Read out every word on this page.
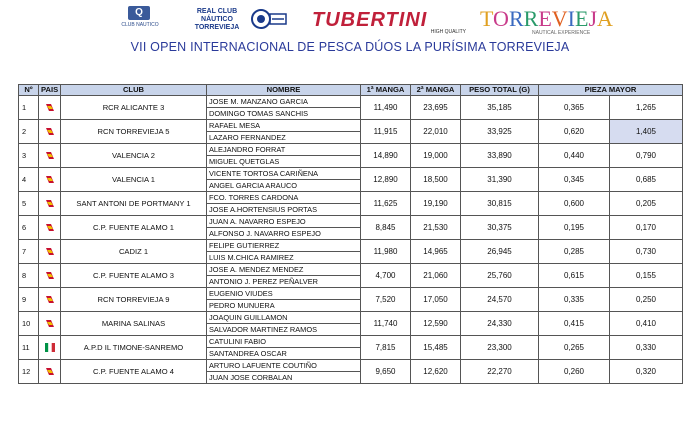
Q
CLUB NAUTICO
REAL CLUB
NÁUTICO
TORREVIEJA	TUBERTINI
HIGH QUALITY
TORREVIEJA
NAUTICAL EXPERIENCE
VII OPEN INTERNACIONAL DE PESCA DÚOS LA PURÍSIMA TORREVIEJA
Nº	PAIS	CLUB	NOMBRE	1ª MANGA	2ª MANGA	PESO TOTAL (G)	PIEZA MAYOR	
1		RCR ALICANTE 3	JOSE M. MANZANO GARCIA	11,490	23,695	35,185	0,365	1,265
			DOMINGO TOMAS SANCHIS					
2		RCN TORREVIEJA 5	RAFAEL MESA	11,915	22,010	33,925	0,620	1,405
			LAZARO FERNANDEZ					
3		VALENCIA 2	ALEJANDRO FORRAT	14,890	19,000	33,890	0,440	0,790
			MIGUEL QUETGLAS					
4		VALENCIA 1	VICENTE TORTOSA CARIÑENA	12,890	18,500	31,390	0,345	0,685
			ANGEL GARCIA ARAUCO					
5		SANT ANTONI DE PORTMANY 1	FCO. TORRES CARDONA	11,625	19,190	30,815	0,600	0,205
			JOSE A.HORTENSIUS PORTAS					
6		C.P. FUENTE ALAMO 1	JUAN A. NAVARRO ESPEJO	8,845	21,530	30,375	0,195	0,170
			ALFONSO J. NAVARRO ESPEJO					
7		CADIZ 1	FELIPE GUTIERREZ	11,980	14,965	26,945	0,285	0,730
			LUIS M.CHICA RAMIREZ					
8		C.P. FUENTE ALAMO 3	JOSE A. MENDEZ MENDEZ	4,700	21,060	25,760	0,615	0,155
			ANTONIO J. PEREZ PEÑALVER					
9		RCN TORREVIEJA 9	EUGENIO VIUDES	7,520	17,050	24,570	0,335	0,250
			PEDRO MUNUERA					
10		MARINA SALINAS	JOAQUIN GUILLAMON	11,740	12,590	24,330	0,415	0,410
			SALVADOR MARTINEZ RAMOS					
11		A.P.D IL TIMONE-SANREMO	CATULINI FABIO	7,815	15,485	23,300	0,265	0,330
			SANTANDREA OSCAR					
12		C.P. FUENTE ALAMO 4	ARTURO LAFUENTE COUTIÑO	9,650	12,620	22,270	0,260	0,320
			JUAN JOSE CORBALAN					
